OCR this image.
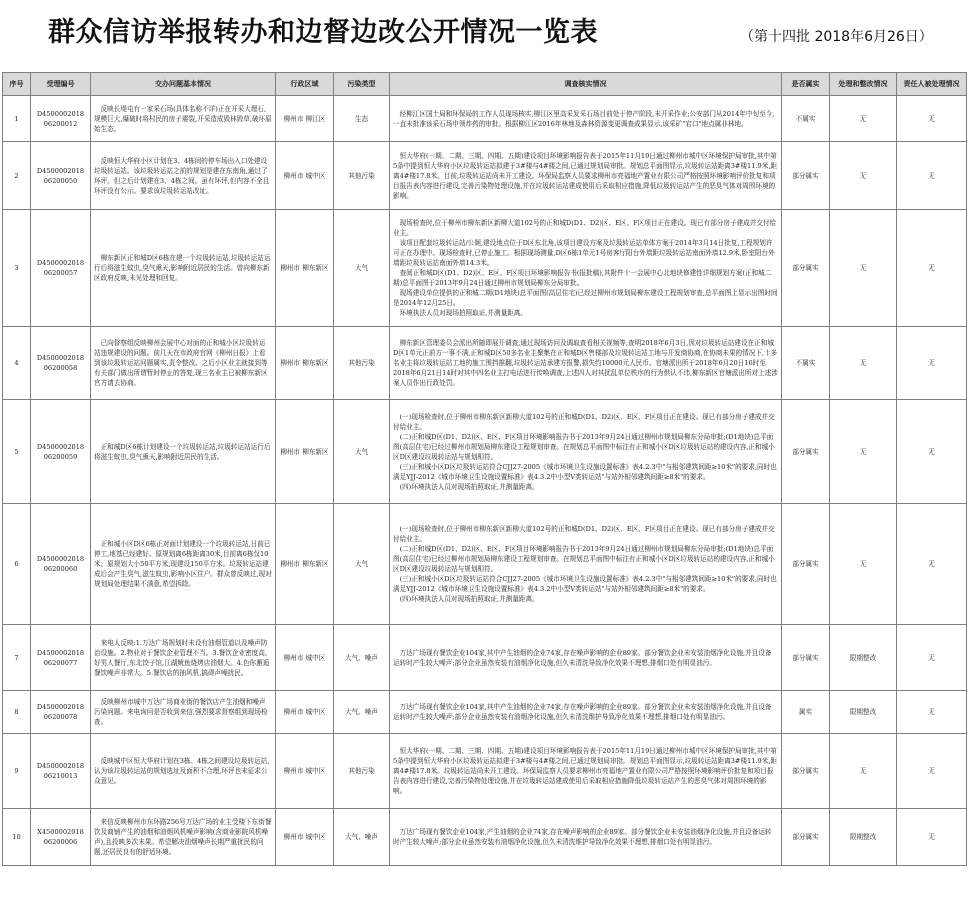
群众信访举报转办和边督边改公开情况一览表	（第十四批 2018年6月26日）
序号	受理编号	交办问题基本情况	行政区域	污染类型	调查核实情况	是否属实	处理和整改情况	责任人被处理情况
1	D4500002018 06200012	反映长堤屯有一家采石场(具体名称不详)正在开采大理石,规模巨大,爆破时将村民的房子震裂,开采造成毁林毁草,破坏原始生态。	柳州市 柳江区	生态	经柳江区国土局和环保局的工作人员现场核实,柳江区里高采发采石场目前处于停产阶段,未开采作业;公安部门从2014年中旬至今,一直未批准该采石场申领炸药的审批。根据柳江区2016年林地及森林资源变更调查成果显示,该采矿"宕口"地点属非林地。	不属实	无	无
2	D4500002018 06200050	反映恒大华府小区计划在3、4栋间的停车场出入口处建设垃圾转运站。该垃圾转运站之前的规划是建在东南角,通过了环评。但之后计划建在3、4栋之间。虽有环评,但内容不全且环评没有公示。要求该垃圾转运站改址。	柳州市 城中区	其他污染	恒大华府(一期、二期、三期、四期、五期)建设项目环境影响报告表于2015年11月19日通过柳州市城中区环境保护局审批,其中第5条中提到恒大华府小区垃圾转运站拟建于3#楼与4#楼之间,已通过规划局审批。规划总平面图显示,垃圾转运站距离3#楼11.9米,距离4#楼17.8米。目前,垃圾转运站尚未开工建设。环保局监察人员要求柳州市亮福地产置业有限公司严格按照环境影响评价批复和项目报告表内容进行建设,完善污染物处理设施,并在垃圾转运站建成使用后采取相应措施,降低垃圾转运站产生的恶臭气体对周围环境的影响。	部分属实	无	无
3	D4500002018 06200057	柳东新区正和城D区6栋在建一个垃圾转运站,垃圾转运站运行后将滋生蚊虫,臭气熏天,影响附近居民的生活。曾向柳东新区政府反映,未见处理和回复。	柳州市 柳东新区	大气	现场检查时,位于柳州市柳东新区新柳大道102号的正和城D(D1、D2)区、E区、F区项目正在建设。现已有部分房子建成并交付给业主。
该项目配套垃圾转运站/公厕,建设地点位于D区东北角,该项目建设方案及垃圾转运站单体方案于2014年3月14日批复,工程规划许可正在办理中。现场检查时,已停止施工。根据现场测量,D区6栋1单元1号房客厅阳台外墙距垃圾转运站南面外墙12.9米,卧室阳台外墙距垃圾转运站南面外墙14.3米。
查阅正和城D区(D1、D2)区、E区、F区项目环境影响报告书(报批稿),其附件十一会展中心北地块修建性详细规划方案(正和城二期)总平面图于2013年9月24日通过柳州市规划局柳东分局审批。
现场建设单位提供的正和城二期(D1地块)总平面图(高层住宅)已经过柳州市规划局柳东建设工程规划审查,总平面图上显示出图时间是2014年12月25日。
环境执法人员对现场拍照取证,并测量距离。	部分属实	无	无
4	D4500002018 06200058	已向督察组反映柳州会展中心对面的正和城小区垃圾转运站违规建设的问题。前几天在市政府官网《柳州日报》上看到该垃圾转运站问题属实,责令整改。之后小区业主就接到等有关部门做出所谓暂时停止的答复,现三名业主已被柳东新区官方请去协商。	柳州市 柳东新区	其他污染	柳东新区管理委员会派出所随即展开调查,通过现场访问及调取查看相关视频等,查明2018年6月3日,因对垃圾转运站建设在正和城D区1单元正前方一事不满,正和城D区50多名业主聚集在正和城D区售楼部及垃圾转运站工地与开发商协商,在协商未果的情况下,十多名业主将垃圾转运站工地的施工围挡推翻,垃圾转运站承建方报警,损失约10000元人民币。官塘派出所于2018年6月20日16时至2018年6月21日14时对其中四名业主打电话进行传唤调查,上述四人对其扰乱单位秩序的行为供认不讳,柳东新区官塘派出所对上述涉案人员作出行政处罚。	不属实	无	无
5	D4500002018 06200059	正和城D区6栋计划建设一个垃圾转运站,垃圾转运站运行后将滋生蚊虫,臭气熏天,影响附近居民的生活。	柳州市 柳东新区	大气	(一)现场检查时,位于柳州市柳东新区新柳大道102号的正和城D(D1、D2)区、E区、F区项目正在建设。现已有部分房子建成并交付给业主。
(二)正和城D区(D1、D2)区、E区、F区项目环境影响报告书于2013年9月24日通过柳州市规划局柳东分局审批;(D1地块)总平面图(高层住宅)已经过柳州市规划局柳东建设工程规划审查。在规划总平面图中标注有正和城小区D区垃圾转运站的建设内容,正和城小区D区建设垃圾转运站与规划相符。
(三)正和城小区D区垃圾转运站符合CJJ27-2005《城市环境卫生设施设置标准》表4.2.3中"与相邻建筑间距≥10米"的要求,同时也满足YJJ-2012《城市环境卫生设施设置标准》表4.3.2中小型V类转运站"与站外相邻建筑间距≥8米"的要求。
(四)环境执法人员对现场拍照取证,并测量距离。	部分属实	无	无
6	D4500002018 06200060	正和城小区D区6栋正对面计划建设一个垃圾转运站,日前已停工,地基已经建好。原规划离6栋距离30米,目前离6栋仅10米。原规划大小50平方米,现建设150平方米。垃圾转运站建成后会产生臭气,滋生蚊虫,影响小区住户。群众曾反映过,现对规划局处理结果不满意,希望拆除。	柳州市 柳东新区	大气	(一)现场检查时,位于柳州市柳东新区新柳大道102号的正和城D(D1、D2)区、E区、F区项目正在建设。现已有部分房子建成并交付给业主。
(二)正和城D区(D1、D2)区、E区、F区项目环境影响报告书于2013年9月24日通过柳州市规划局柳东分局审批;(D1地块)总平面图(高层住宅)已经过柳州市规划局柳东建设工程规划审查。在规划总平面图中标注有正和城小区D区垃圾转运站的建设内容,正和城小区D区建设垃圾转运站与规划相符。
(三)正和城小区D区垃圾转运站符合CJJ27-2005《城市环境卫生设施设置标准》表4.2.3中"与相邻建筑间距≥10米"的要求,同时也满足YJJ-2012《城市环境卫生设施设置标准》表4.3.2中小型V类转运站"与站外相邻建筑间距≥8米"的要求。
(四)环境执法人员对现场拍照取证,并测量距离。	部分属实	无	无
7	D4500002018 06200077	来电人反映:1.万达广场规划时未设有油烟管道以及噪声防治设施。2.物业对于餐饮企业管理不当。3.餐饮企业密度高,好男人餐厅,东北饺子馆,江湖鱿鱼烧烤店油烟大。4.色你邂逅餐饮噪声非常大。5.餐饮店的抽风机,搞碍声噪扰民。	柳州市 城中区	大气、噪声	万达广场现有餐饮企业104家,其中产生油烟的企业74家,存在噪声影响的企业89家。部分餐饮企业未安装油烟净化设施,并且设备运转时产生较大噪声;部分企业虽然安装有油烟净化设施,但久未清洗导致净化效果不理想,排烟口处有明显油污。	部分属实	限期整改	无
8	D4500002018 06200078	反映柳州市城中万达广场商业街的餐饮店产生油烟和噪声污染问题。来电询问是否收到来信,强烈要求督察组到现场检查。	柳州市 城中区	大气、噪声	万达广场现有餐饮企业104家,其中产生油烟的企业74家,存在噪声影响的企业89家。部分餐饮企业未安装油烟净化设施,并且设备运转时产生较大噪声;部分企业虽然安装有油烟净化设施,但久未清洗维护导致净化效果不理想,排烟口处有明显油污。	属实	限期整改	无
9	D4500002018 06210013	反映城中区恒大华府计划在3栋、4栋之间建设垃圾转运站,认为该垃圾转运站的规划选址及面积不合理,环评也未征求公众意见。	柳州市 城中区	其他污染	恒大华府(一期、二期、三期、四期、五期)建设项目环境影响报告表于2015年11月19日通过柳州市城中区环境保护局审批,其中第5条中提到恒大华府小区垃圾转运站拟建于3#楼与4#楼之间,已通过规划局审批。规划总平面图显示,垃圾转运站距离3#楼11.9米,距离4#楼17.8米。垃圾转运站尚未开工建设。环保局监察人员要求柳州市亮福地产置业有限公司严格按照环境影响评价批复和项目报告表内容进行建设,完善污染物处理设施,并在垃圾转运站建成使用后采取相应措施降低垃圾转运站产生的恶臭气体对周围环境的影响。	部分属实	无	无
10	X4500002018 06200006	来信反映柳州市东环路256号万达广场的业主受楼下东街餐饮及商铺产生的油烟和油烟风机噪声影响(含商业影院风机噪声),且投映多次未果。希望解决油烟噪声长期严重扰民的问题,还居民良有的舒适环境。	柳州市 城中区	大气、噪声	万达广场现有餐饮企业104家,产生油烟的企业74家,存在噪声影响的企业89家。部分餐饮企业未安装油烟净化设施,并且设备运转时产生较大噪声;部分企业虽然安装有油烟净化设施,但久未清洗维护导致净化效果不理想,排烟口处有明显油污。	部分属实	限期整改	无
